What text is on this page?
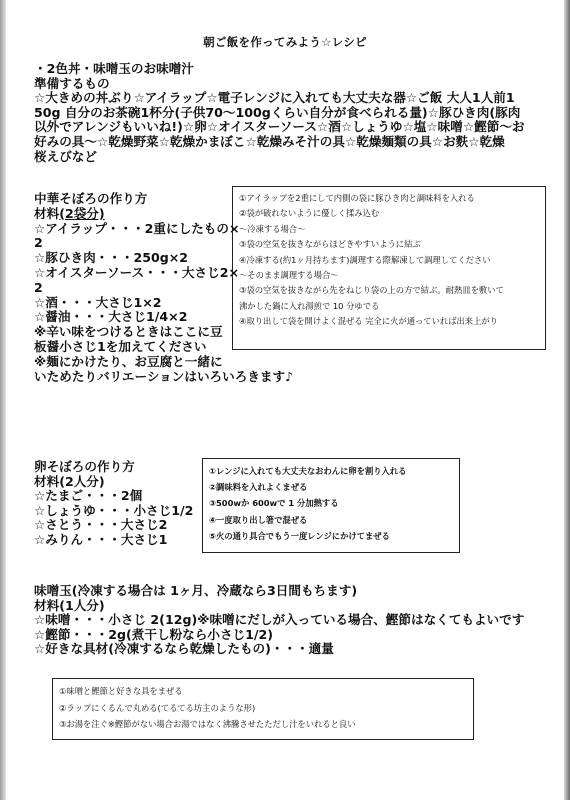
朝ご飯を作ってみよう☆レシピ
・2色丼・味噌玉のお味噌汁
準備するもの
☆大きめの丼ぶり☆アイラップ☆電子レンジに入れても大丈夫な器☆ご飯 大人1人前1
50g 自分のお茶碗1杯分(子供70～100gくらい自分が食べられる量)☆豚ひき肉(豚肉
以外でアレンジもいいね!)☆卵☆オイスターソース☆酒☆しょうゆ☆塩☆味噌☆鰹節～お
好みの具～☆乾燥野菜☆乾燥かまぼこ☆乾燥みそ汁の具☆乾燥麺類の具☆お麩☆乾燥
桜えびなど
中華そぼろの作り方
材料(2袋分)
☆アイラップ・・・2重にしたもの×
2
☆豚ひき肉・・・250g×2
☆オイスターソース・・・大さじ2×
2
☆酒・・・大さじ1×2
☆醤油・・・大さじ1/4×2
※辛い味をつけるときはここに豆
板醤小さじ1を加えてください
※麺にかけたり、お豆腐と一緒に
いためたりバリエーションはいろいろきます♪
①アイラップを2重にして内側の袋に豚ひき肉と調味料を入れる
②袋が破れないように優しく揉み込む
～冷凍する場合～
③袋の空気を抜きながらほどきやすいように結ぶ
④冷凍する(約1ヶ月持ちます)調理する際解凍して調理してください
～そのまま調理する場合～
③袋の空気を抜きながら先をねじり袋の上の方で結ぶ。耐熱皿を敷いて
沸かした鍋に入れ湯煎で 10 分ゆでる
④取り出して袋を開けよく混ぜる 完全に火が通っていれば出来上がり
卵そぼろの作り方
材料(2人分)
☆たまご・・・2個
☆しょうゆ・・・小さじ1/2
☆さとう・・・大さじ2
☆みりん・・・大さじ1
①レンジに入れても大丈夫なおわんに卵を割り入れる
②調味料を入れよくまぜる
③500wか 600wで 1 分加熱する
④一度取り出し箸で混ぜる
⑤火の通り具合でもう一度レンジにかけてまぜる
味噌玉(冷凍する場合は 1ヶ月、冷蔵なら3日間もちます)
材料(1人分)
☆味噌・・・小さじ 2(12g)※味噌にだしが入っている場合、鰹節はなくてもよいです
☆鰹節・・・2g(煮干し粉なら小さじ1/2)
☆好きな具材(冷凍するなら乾燥したもの)・・・適量
①味噌と鰹節と好きな具をまぜる
②ラップにくるんで丸める(てるてる坊主のような形)
③お湯を注ぐ※鰹節がない場合お湯ではなく沸騰させたただし汁をいれると良い
